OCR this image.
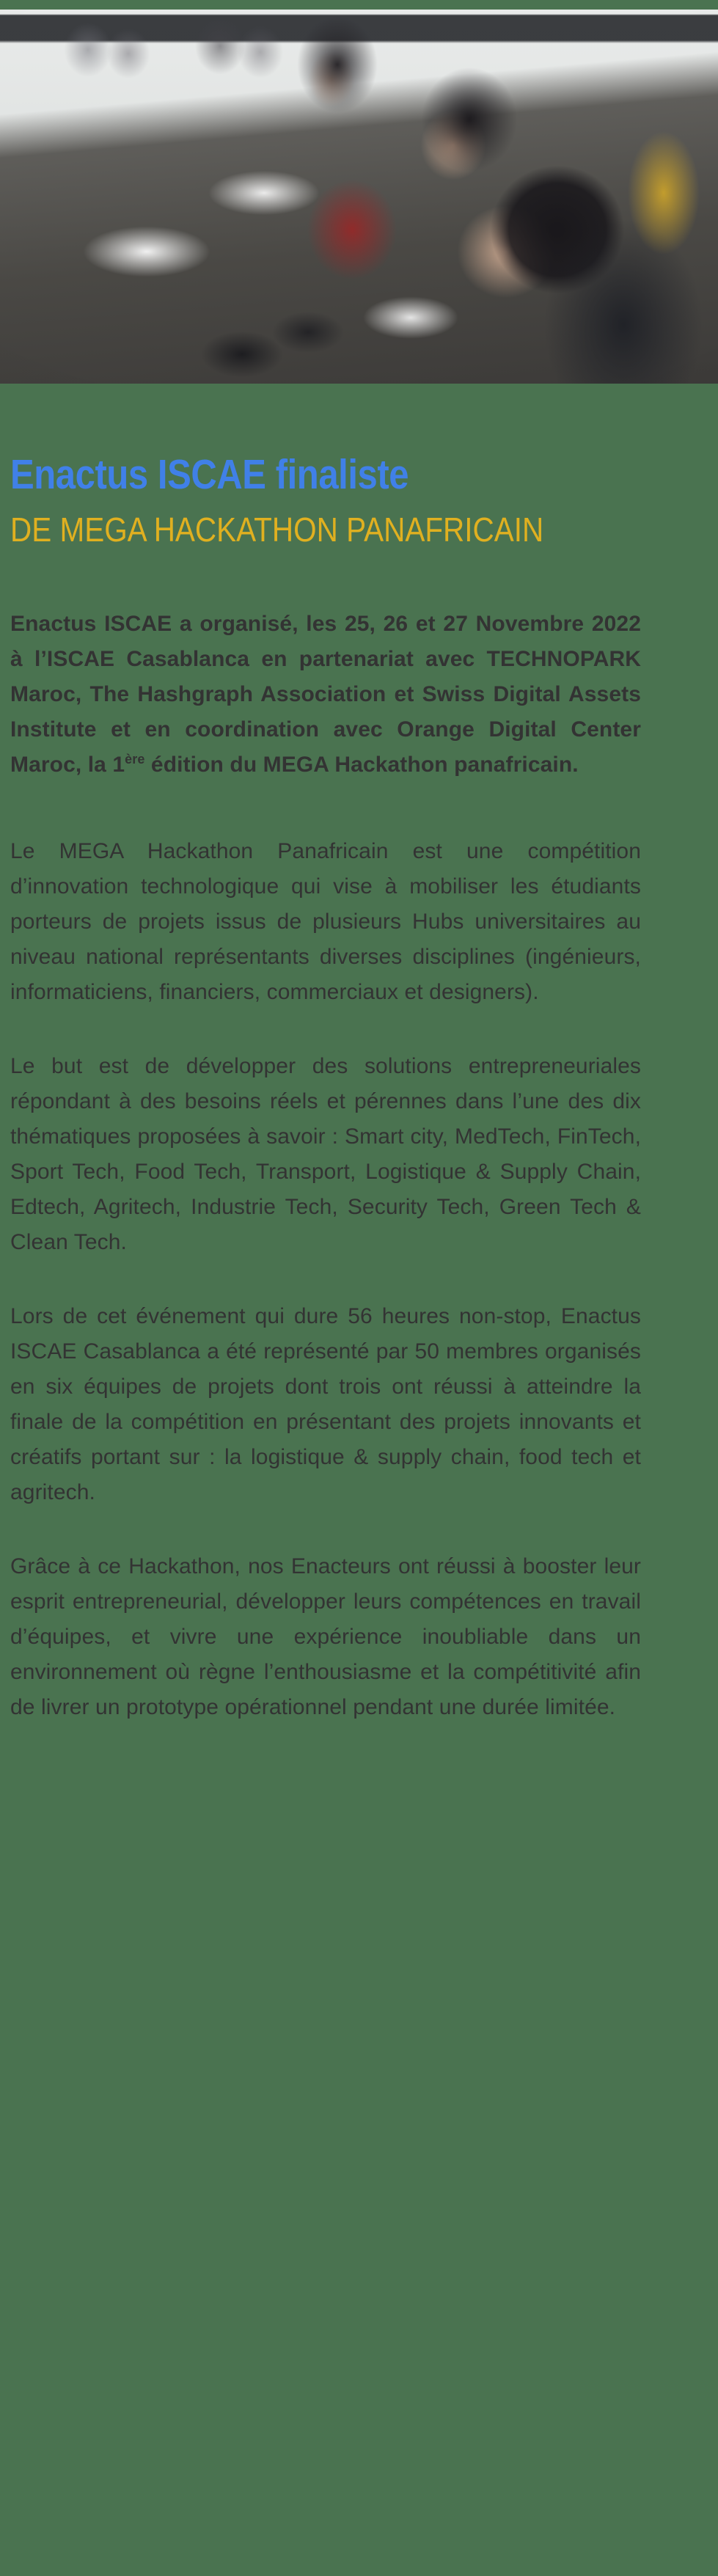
Enactus ISCAE finaliste
DE MEGA HACKATHON PANAFRICAIN

Enactus ISCAE a organisé, les 25, 26 et 27 Novembre 2022 à l’ISCAE Casablanca en partenariat avec TECHNOPARK Maroc, The Hashgraph Association et Swiss Digital Assets Institute et en coordination avec Orange Digital Center Maroc, la 1ère édition du MEGA Hackathon panafricain.

Le MEGA Hackathon Panafricain est une compétition d’innovation technologique qui vise à mobiliser les étudiants porteurs de projets issus de plusieurs Hubs universitaires au niveau national représentants diverses disciplines (ingénieurs, informaticiens, financiers, commerciaux et designers).

Le but est de développer des solutions entrepreneuriales répondant à des besoins réels et pérennes dans l’une des dix thématiques proposées à savoir : Smart city, MedTech, FinTech, Sport Tech, Food Tech, Transport, Logistique & Supply Chain, Edtech, Agritech, Industrie Tech, Security Tech, Green Tech & Clean Tech.

Lors de cet événement qui dure 56 heures non-stop, Enactus ISCAE Casablanca a été représenté par 50 membres organisés en six équipes de projets dont trois ont réussi à atteindre la finale de la compétition en présentant des projets innovants et créatifs portant sur : la logistique & supply chain, food tech et agritech.

Grâce à ce Hackathon, nos Enacteurs ont réussi à booster leur esprit entrepreneurial, développer leurs compétences en travail d’équipes, et vivre une expérience inoubliable dans un environnement où règne l’enthousiasme et la compétitivité afin de livrer un prototype opérationnel pendant une durée limitée.
